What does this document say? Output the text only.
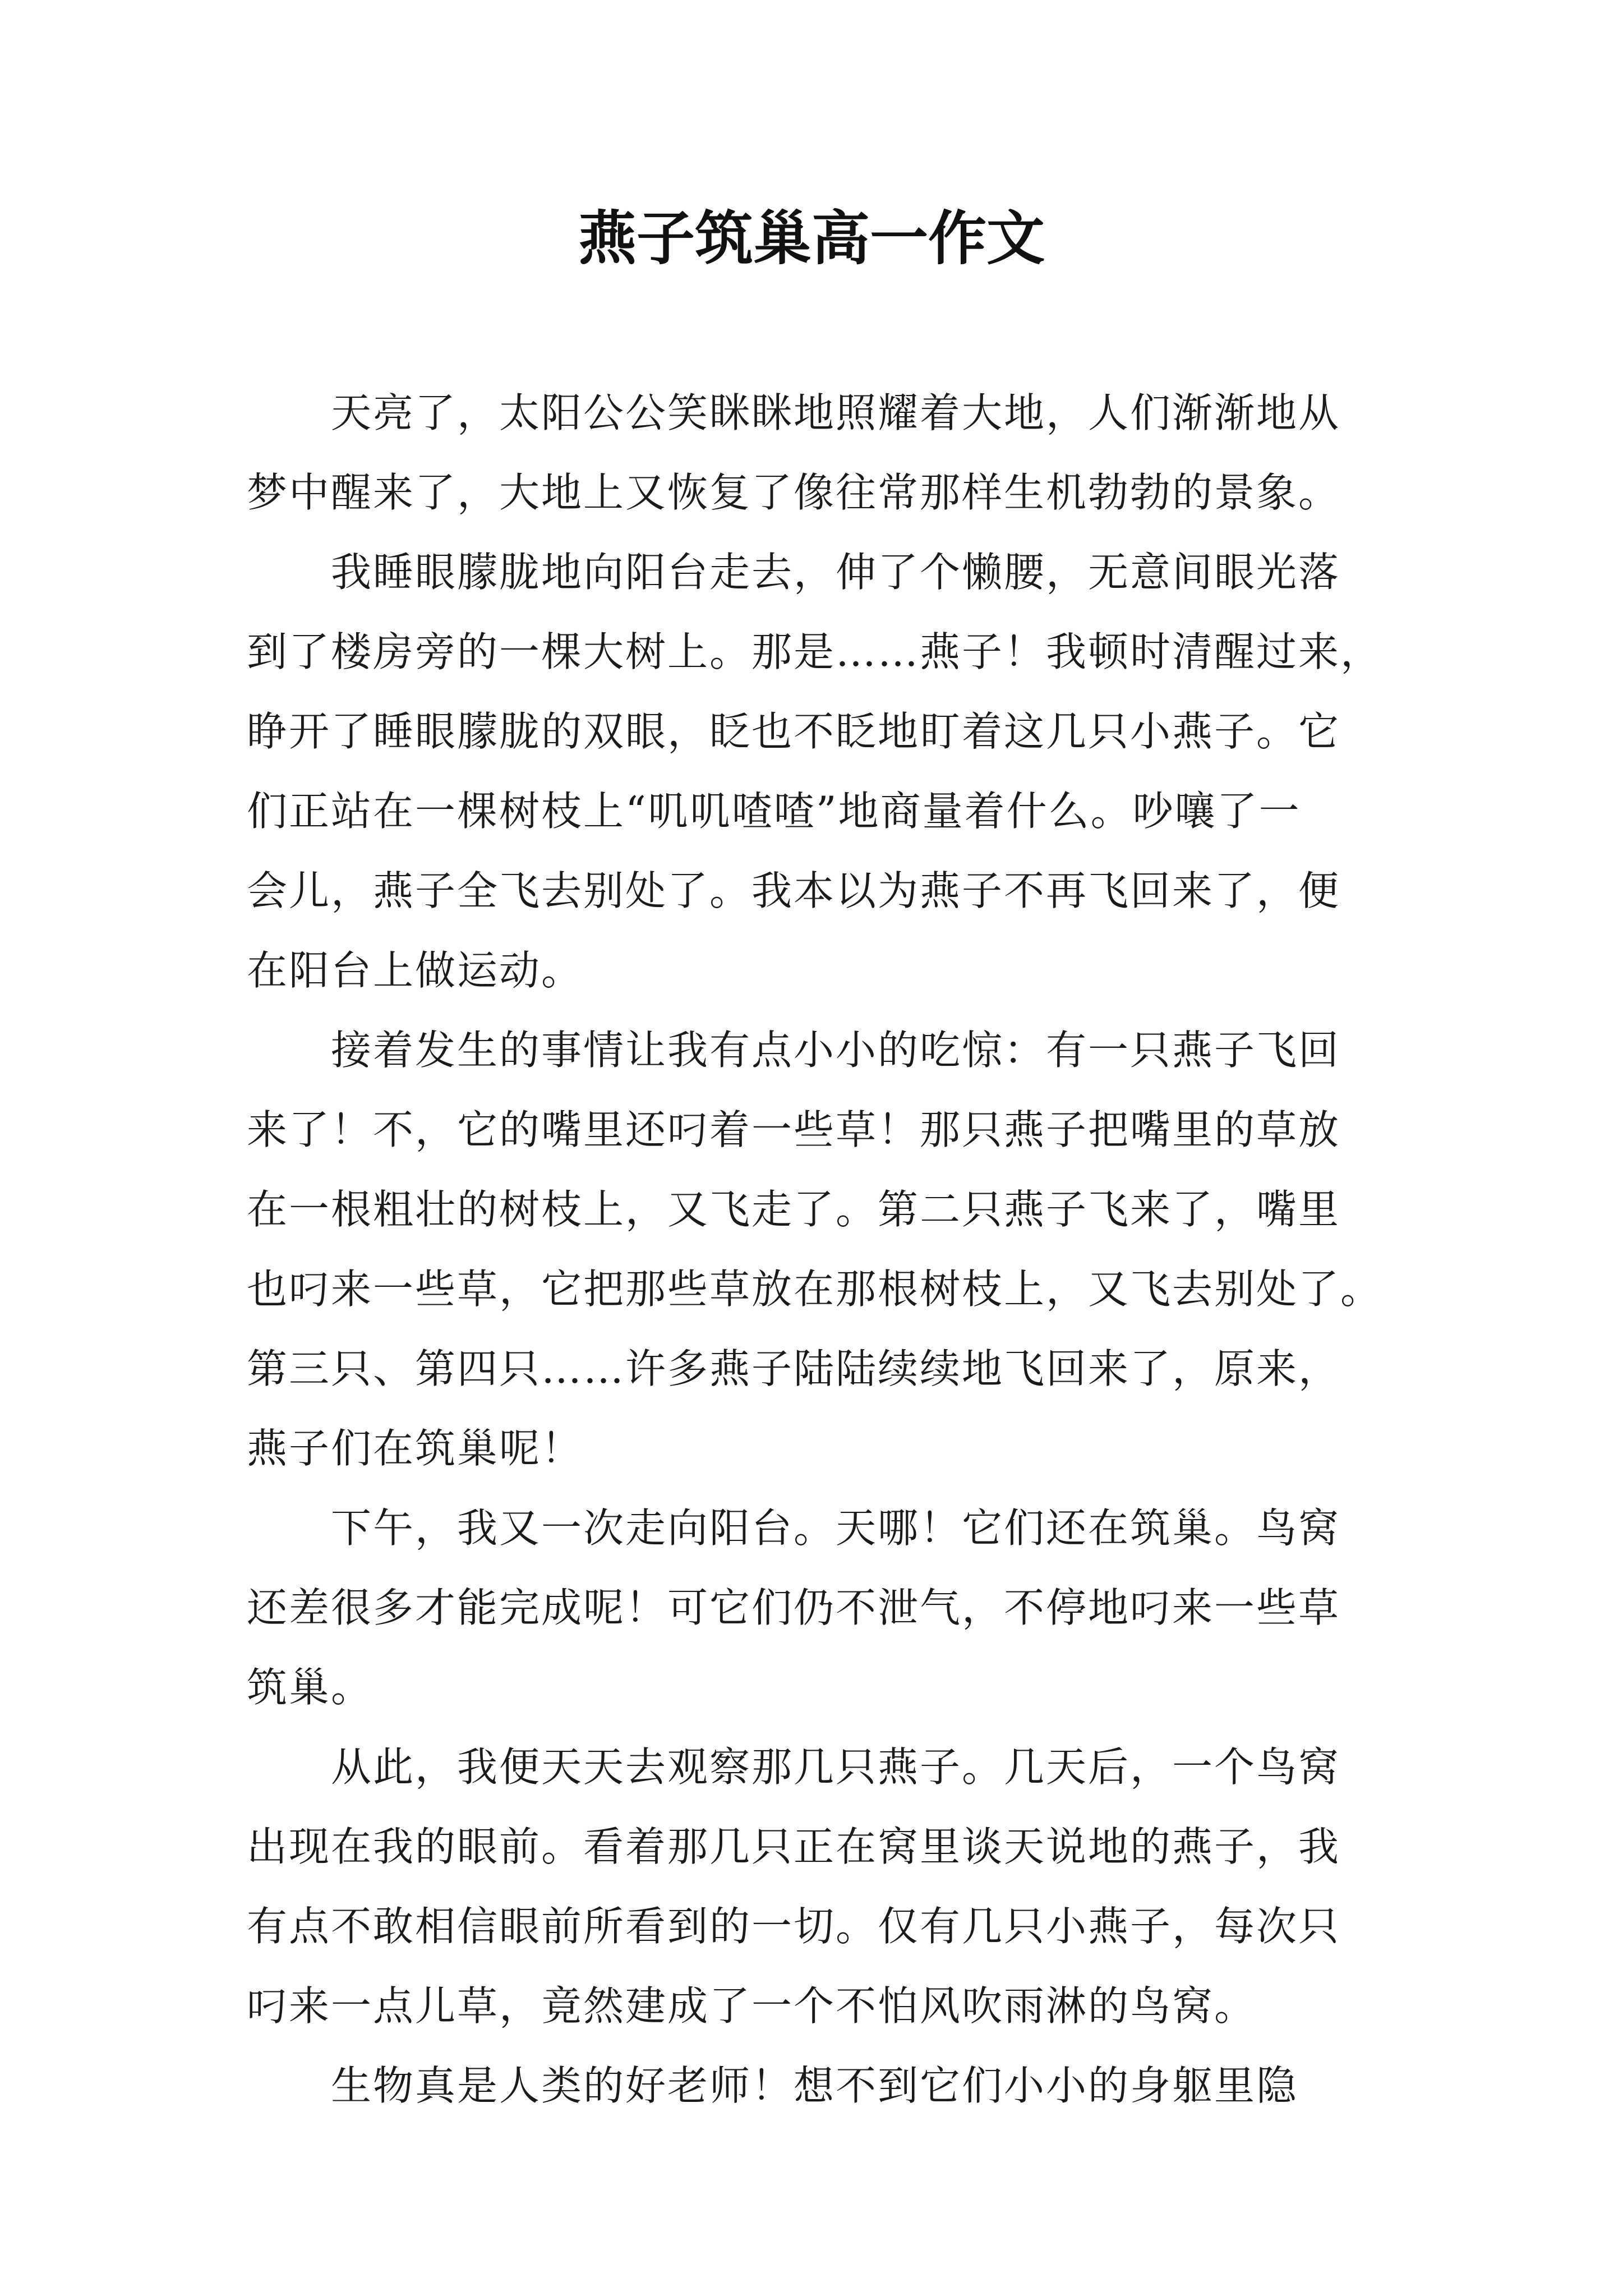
燕子筑巢高一作文
天亮了，太阳公公笑眯眯地照耀着大地，人们渐渐地从
梦中醒来了，大地上又恢复了像往常那样生机勃勃的景象。
我睡眼朦胧地向阳台走去，伸了个懒腰，无意间眼光落
到了楼房旁的一棵大树上。那是……燕子！我顿时清醒过来，
睁开了睡眼朦胧的双眼，眨也不眨地盯着这几只小燕子。它
们正站在一棵树枝上“叽叽喳喳”地商量着什么。吵嚷了一
会儿，燕子全飞去别处了。我本以为燕子不再飞回来了，便
在阳台上做运动。
接着发生的事情让我有点小小的吃惊：有一只燕子飞回
来了！不，它的嘴里还叼着一些草！那只燕子把嘴里的草放
在一根粗壮的树枝上，又飞走了。第二只燕子飞来了，嘴里
也叼来一些草，它把那些草放在那根树枝上，又飞去别处了。
第三只、第四只……许多燕子陆陆续续地飞回来了，原来，
燕子们在筑巢呢！
下午，我又一次走向阳台。天哪！它们还在筑巢。鸟窝
还差很多才能完成呢！可它们仍不泄气，不停地叼来一些草
筑巢。
从此，我便天天去观察那几只燕子。几天后，一个鸟窝
出现在我的眼前。看着那几只正在窝里谈天说地的燕子，我
有点不敢相信眼前所看到的一切。仅有几只小燕子，每次只
叼来一点儿草，竟然建成了一个不怕风吹雨淋的鸟窝。
生物真是人类的好老师！想不到它们小小的身躯里隐
